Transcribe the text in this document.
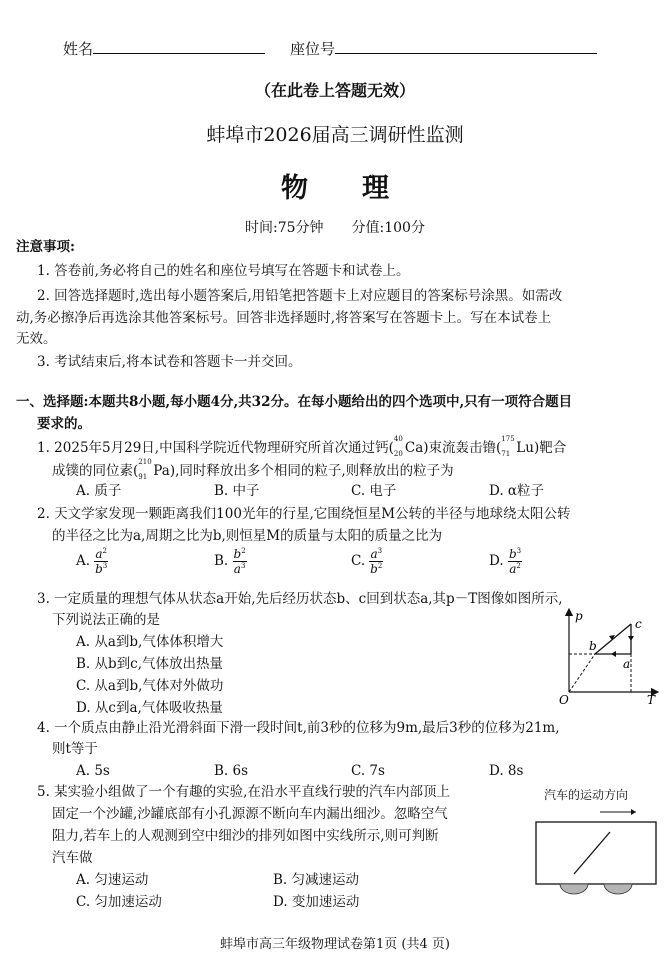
姓名	座位号
（在此卷上答题无效）
蚌埠市2026届高三调研性监测
物　　理
时间:75分钟　　分值:100分
注意事项:
1. 答卷前,务必将自己的姓名和座位号填写在答题卡和试卷上。
2. 回答选择题时,选出每小题答案后,用铅笔把答题卡上对应题目的答案标号涂黑。如需改
动,务必擦净后再选涂其他答案标号。回答非选择题时,将答案写在答题卡上。写在本试卷上
无效。
3. 考试结束后,将本试卷和答题卡一并交回。
一、选择题:本题共8小题,每小题4分,共32分。在每小题给出的四个选项中,只有一项符合题目
要求的。
1. 2025年5月29日,中国科学院近代物理研究所首次通过钙(
40
20 Ca)束流轰击镥(
175
71 Lu)靶合
成镤的同位素(
210
91 Pa),同时释放出多个相同的粒子,则释放出的粒子为
A. 质子	B. 中子	C. 电子	D. α粒子
2. 天文学家发现一颗距离我们100光年的行星,它围绕恒星M公转的半径与地球绕太阳公转
的半径之比为a,周期之比为b,则恒星M的质量与太阳的质量之比为
A. $\frac{a^2}{b^3}$	B. $\frac{b^2}{a^3}$	C. $\frac{a^3}{b^2}$	D. $\frac{b^3}{a^2}$
3. 一定质量的理想气体从状态a开始,先后经历状态b、c回到状态a,其p－T图像如图所示,
下列说法正确的是
A. 从a到b,气体体积增大
B. 从b到c,气体放出热量
C. 从a到b,气体对外做功
D. 从c到a,气体吸收热量
p
T
O
b
c
a
4. 一个质点由静止沿光滑斜面下滑一段时间t,前3秒的位移为9m,最后3秒的位移为21m,
则t等于
A. 5s	B. 6s	C. 7s	D. 8s
5. 某实验小组做了一个有趣的实验,在沿水平直线行驶的汽车内部顶上
固定一个沙罐,沙罐底部有小孔源源不断向车内漏出细沙。忽略空气
阻力,若车上的人观测到空中细沙的排列如图中实线所示,则可判断
汽车做
A. 匀速运动	B. 匀减速运动
C. 匀加速运动	D. 变加速运动
汽车的运动方向
蚌埠市高三年级物理试卷第1页 (共4 页)
